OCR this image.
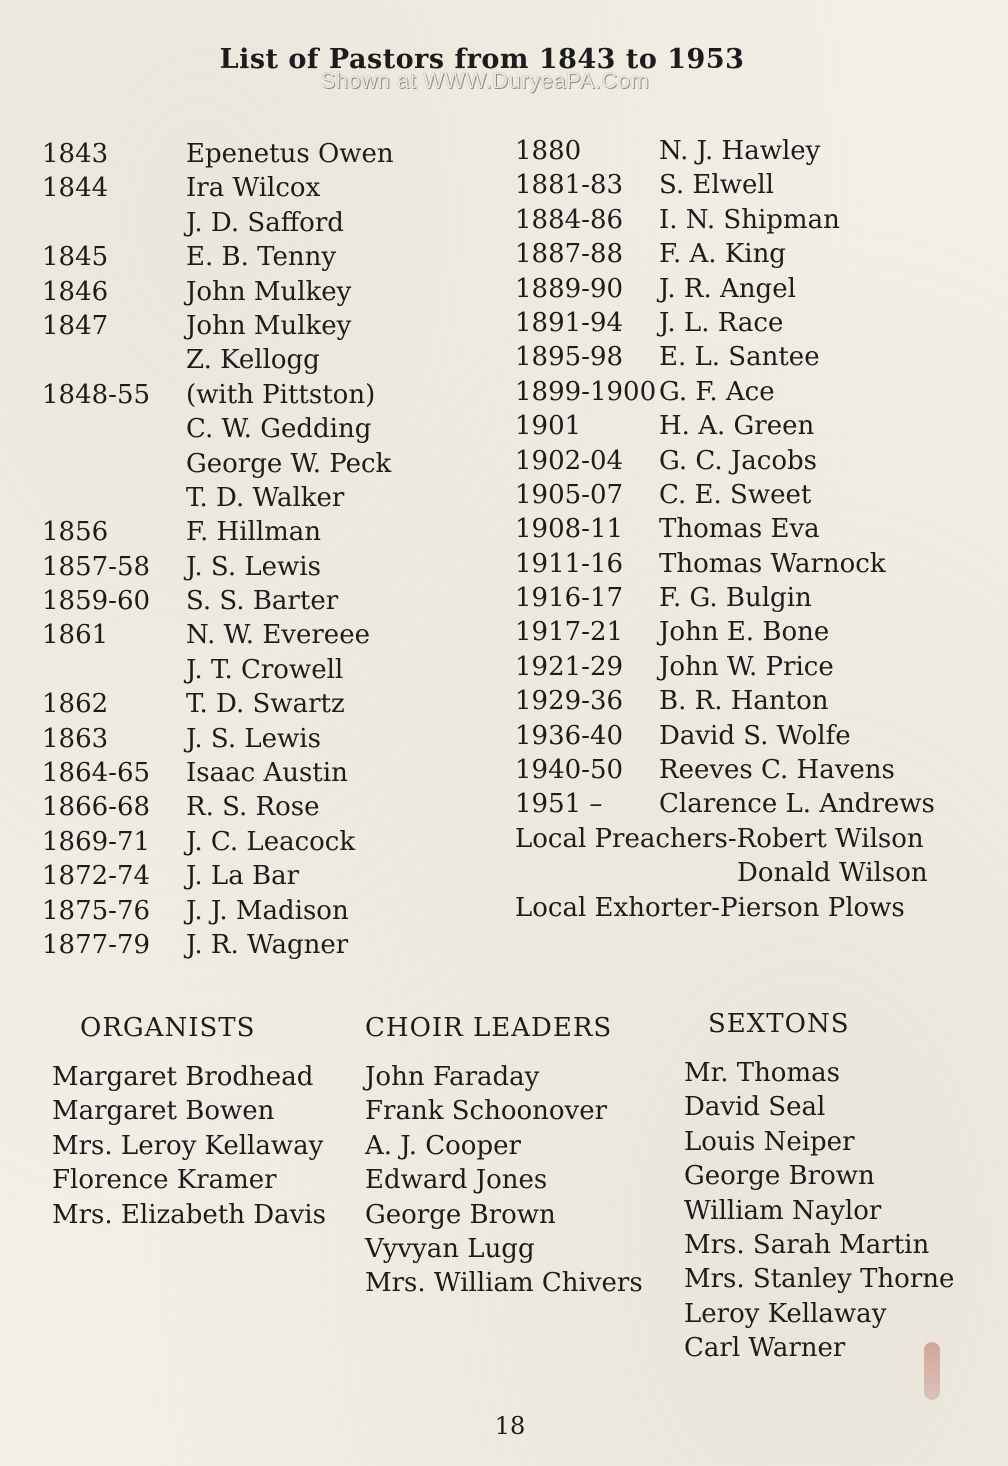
List of Pastors from 1843 to 1953
Shown at WWW.DuryeaPA.Com
1843	Epenetus Owen
1844	Ira Wilcox
J. D. Safford
1845	E. B. Tenny
1846	John Mulkey
1847	John Mulkey
Z. Kellogg
1848-55	(with Pittston)
C. W. Gedding
George W. Peck
T. D. Walker
1856	F. Hillman
1857-58	J. S. Lewis
1859-60	S. S. Barter
1861	N. W. Evereee
J. T. Crowell
1862	T. D. Swartz
1863	J. S. Lewis
1864-65	Isaac Austin
1866-68	R. S. Rose
1869-71	J. C. Leacock
1872-74	J. La Bar
1875-76	J. J. Madison
1877-79	J. R. Wagner
1880	N. J. Hawley
1881-83	S. Elwell
1884-86	I. N. Shipman
1887-88	F. A. King
1889-90	J. R. Angel
1891-94	J. L. Race
1895-98	E. L. Santee
1899-1900 G. F. Ace
1901	H. A. Green
1902-04	G. C. Jacobs
1905-07	C. E. Sweet
1908-11	Thomas Eva
1911-16	Thomas Warnock
1916-17	F. G. Bulgin
1917-21	John E. Bone
1921-29	John W. Price
1929-36	B. R. Hanton
1936-40	David S. Wolfe
1940-50	Reeves C. Havens
1951 –	Clarence L. Andrews
Local Preachers-Robert Wilson
Donald Wilson
Local Exhorter-Pierson Plows
ORGANISTS
Margaret Brodhead
Margaret Bowen
Mrs. Leroy Kellaway
Florence Kramer
Mrs. Elizabeth Davis
CHOIR LEADERS
John Faraday
Frank Schoonover
A. J. Cooper
Edward Jones
George Brown
Vyvyan Lugg
Mrs. William Chivers
SEXTONS
Mr. Thomas
David Seal
Louis Neiper
George Brown
William Naylor
Mrs. Sarah Martin
Mrs. Stanley Thorne
Leroy Kellaway
Carl Warner
18
